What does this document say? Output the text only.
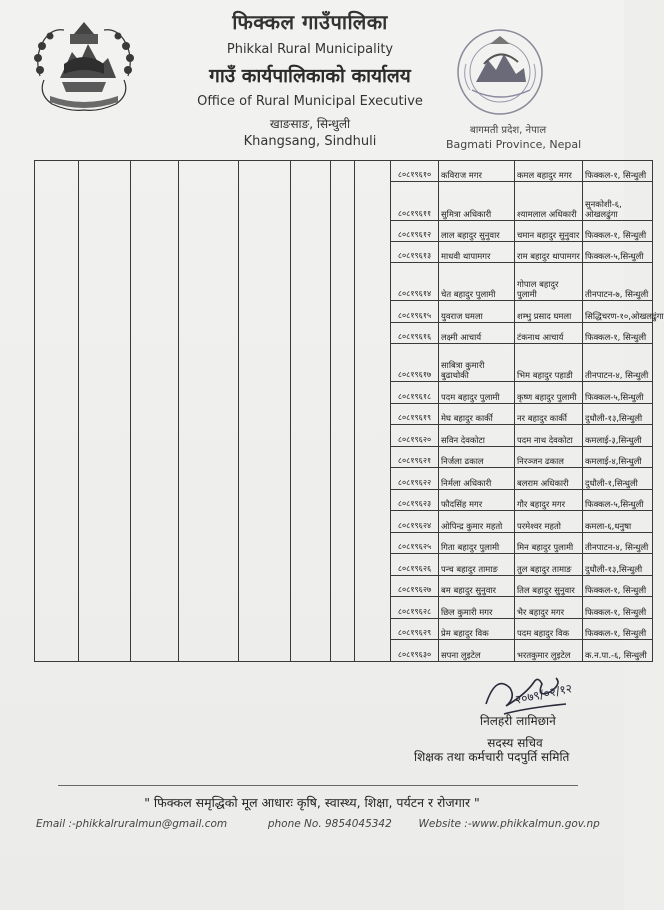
फिक्कल गाउँपालिका
Phikkal Rural Municipality
गाउँ कार्यपालिकाको कार्यालय
Office of Rural Municipal Executive
खाङसाङ, सिन्धुली
Khangsang, Sindhuli
बागमती प्रदेश, नेपाल
Bagmati Province, Nepal
								८०८१९६१०	कविराज मगर	कमल बहादुर मगर	फिक्कल-१, सिन्धुली
								८०८१९६११	सुमित्रा अधिकारी	श्यामलाल अधिकारी	सुनकोशी-६, ओखलढुंगा
								८०८१९६१२	लाल बहादुर सुनुवार	चमान बहादुर सुनुवार	फिक्कल-१, सिन्धुली
								८०८१९६१३	माधवी थापामगर	राम बहादुर थापामगर	फिक्कल-५,सिन्धुली
								८०८१९६१४	चेत बहादुर पुलामी	गोपाल बहादुर पुलामी	तीनपाटन-७, सिन्धुली
								८०८१९६१५	युवराज घमला	शम्भु प्रसाद घमला	सिद्धिचरण-१०,ओखलढुंगा
								८०८१९६१६	लक्ष्मी आचार्य	टंकनाथ आचार्य	फिक्कल-१, सिन्धुली
								८०८१९६१७	साबित्रा कुमारी बुढाथोकी	भिम बहादुर पहाडी	तीनपाटन-४, सिन्धुली
								८०८१९६१८	पदम बहादुर पुलामी	कृष्ण बहादुर पुलामी	फिक्कल-५,सिन्धुली
								८०८१९६१९	मेघ बहादुर कार्की	नर बहादुर कार्की	दुधौली-१३,सिन्धुली
								८०८१९६२०	सविन देवकोटा	पदम नाथ देवकोटा	कमलाई-३,सिन्धुली
								८०८१९६२१	निर्जला ढकाल	निरञ्जन ढकाल	कमलाई-४,सिन्धुली
								८०८१९६२२	निर्मला अधिकारी	बलराम अधिकारी	दुधौली-१,सिन्धुली
								८०८१९६२३	फौदसिंह मगर	गौर बहादुर मगर	फिक्कल-५,सिन्धुली
								८०८१९६२४	ओपिन्द्र कुमार महतो	परमेश्वर महतो	कमला-६,धनुषा
								८०८१९६२५	गिता बहादुर पुलामी	मिन बहादुर पुलामी	तीनपाटन-४, सिन्धुली
								८०८१९६२६	पन्च बहादुर तामाङ	तुल बहादुर तामाङ	दुधौली-१३,सिन्धुली
								८०८१९६२७	बम बहादुर सुनुवार	तिल बहादुर सुनुवार	फिक्कल-१, सिन्धुली
								८०८१९६२८	छिल कुमारी मगर	भैर बहादुर मगर	फिक्कल-१, सिन्धुली
								८०८१९६२९	प्रेम बहादुर विक	पदम बहादुर विक	फिक्कल-१, सिन्धुली
								८०८१९६३०	सपना लुइटेल	भरतकुमार लुइटेल	क.न.पा.-६, सिन्धुली
२०७९/०२/१२
निलहरी लामिछाने
सदस्य सचिव
शिक्षक तथा कर्मचारी पदपुर्ति समिति
" फिक्कल समृद्धिको मूल आधारः कृषि, स्वास्थ्य, शिक्षा, पर्यटन र रोजगार "
Email :-phikkalruralmun@gmail.com	phone No. 9854045342	Website :-www.phikkalmun.gov.np
